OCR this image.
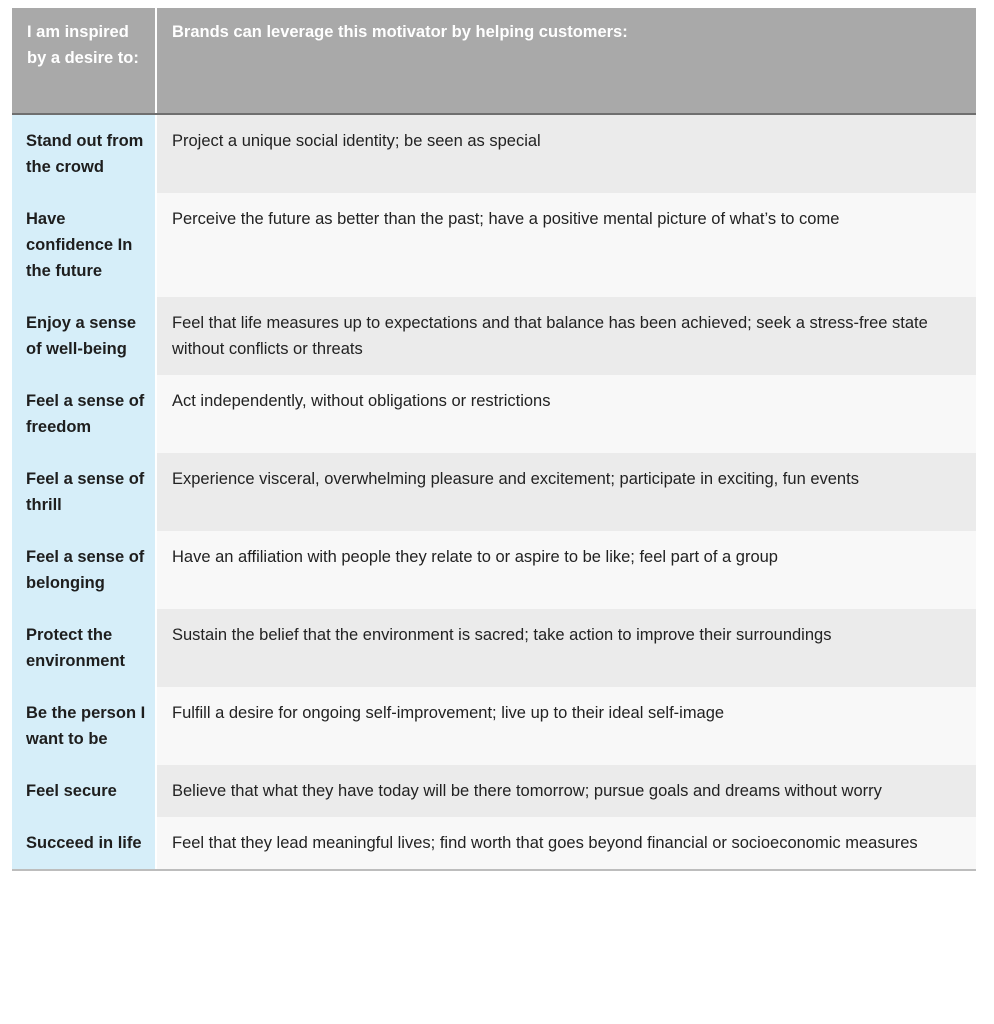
I am inspired by a desire to:	Brands can leverage this motivator by helping customers:

Stand out from the crowd	Project a unique social identity; be seen as special
Have confidence In the future	Perceive the future as better than the past; have a positive mental picture of what’s to come
Enjoy a sense of well-being	Feel that life measures up to expectations and that balance has been achieved; seek a stress-free state without conflicts or threats
Feel a sense of freedom	Act independently, without obligations or restrictions
Feel a sense of thrill	Experience visceral, overwhelming pleasure and excitement; participate in exciting, fun events
Feel a sense of belonging	Have an affiliation with people they relate to or aspire to be like; feel part of a group
Protect the environment	Sustain the belief that the environment is sacred; take action to improve their surroundings
Be the person I want to be	Fulfill a desire for ongoing self-improvement; live up to their ideal self-image
Feel secure	Believe that what they have today will be there tomorrow; pursue goals and dreams without worry
Succeed in life	Feel that they lead meaningful lives; find worth that goes beyond financial or socioeconomic measures
